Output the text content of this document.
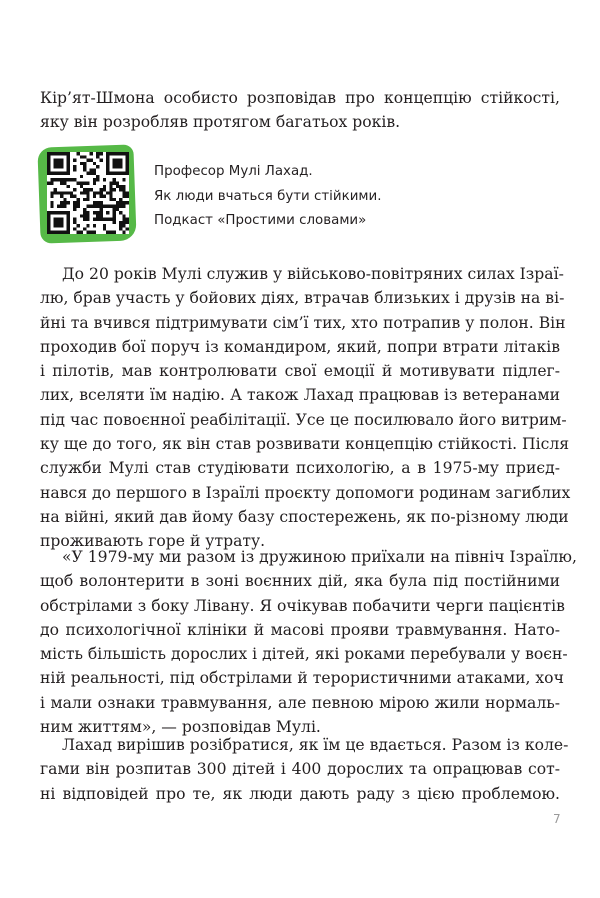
Кір’ят-Шмона особисто розповідав про концепцію стійкості,
яку він розробляв протягом багатьох років.

Професор Мулі Лахад.
Як люди вчаться бути стійкими.
Подкаст «Простими словами»

До 20 років Мулі служив у військово-повітряних силах Ізраї-
лю, брав участь у бойових діях, втрачав близьких і друзів на ві-
йні та вчився підтримувати сім’ї тих, хто потрапив у полон. Він
проходив бої поруч із командиром, який, попри втрати літаків
і пілотів, мав контролювати свої емоції й мотивувати підлег-
лих, вселяти їм надію. А також Лахад працював із ветеранами
під час повоєнної реабілітації. Усе це посилювало його витрим-
ку ще до того, як він став розвивати концепцію стійкості. Після
служби Мулі став студіювати психологію, а в 1975-му приєд-
нався до першого в Ізраїлі проєкту допомоги родинам загиблих
на війні, який дав йому базу спостережень, як по-різному люди
проживають горе й утрату.

«У 1979-му ми разом із дружиною приїхали на північ Ізраїлю,
щоб волонтерити в зоні воєнних дій, яка була під постійними
обстрілами з боку Лівану. Я очікував побачити черги пацієнтів
до психологічної клініки й масові прояви травмування. Натo-
мість більшість дорослих і дітей, які роками перебували у воєн-
ній реальності, під обстрілами й терористичними атаками, хоч
і мали ознаки травмування, але певною мірою жили нормаль-
ним життям», — розповідав Мулі.

Лахад вирішив розібратися, як їм це вдається. Разом із коле-
гами він розпитав 300 дітей і 400 дорослих та опрацював сот-
ні відповідей про те, як люди дають раду з цією проблемою.

7
